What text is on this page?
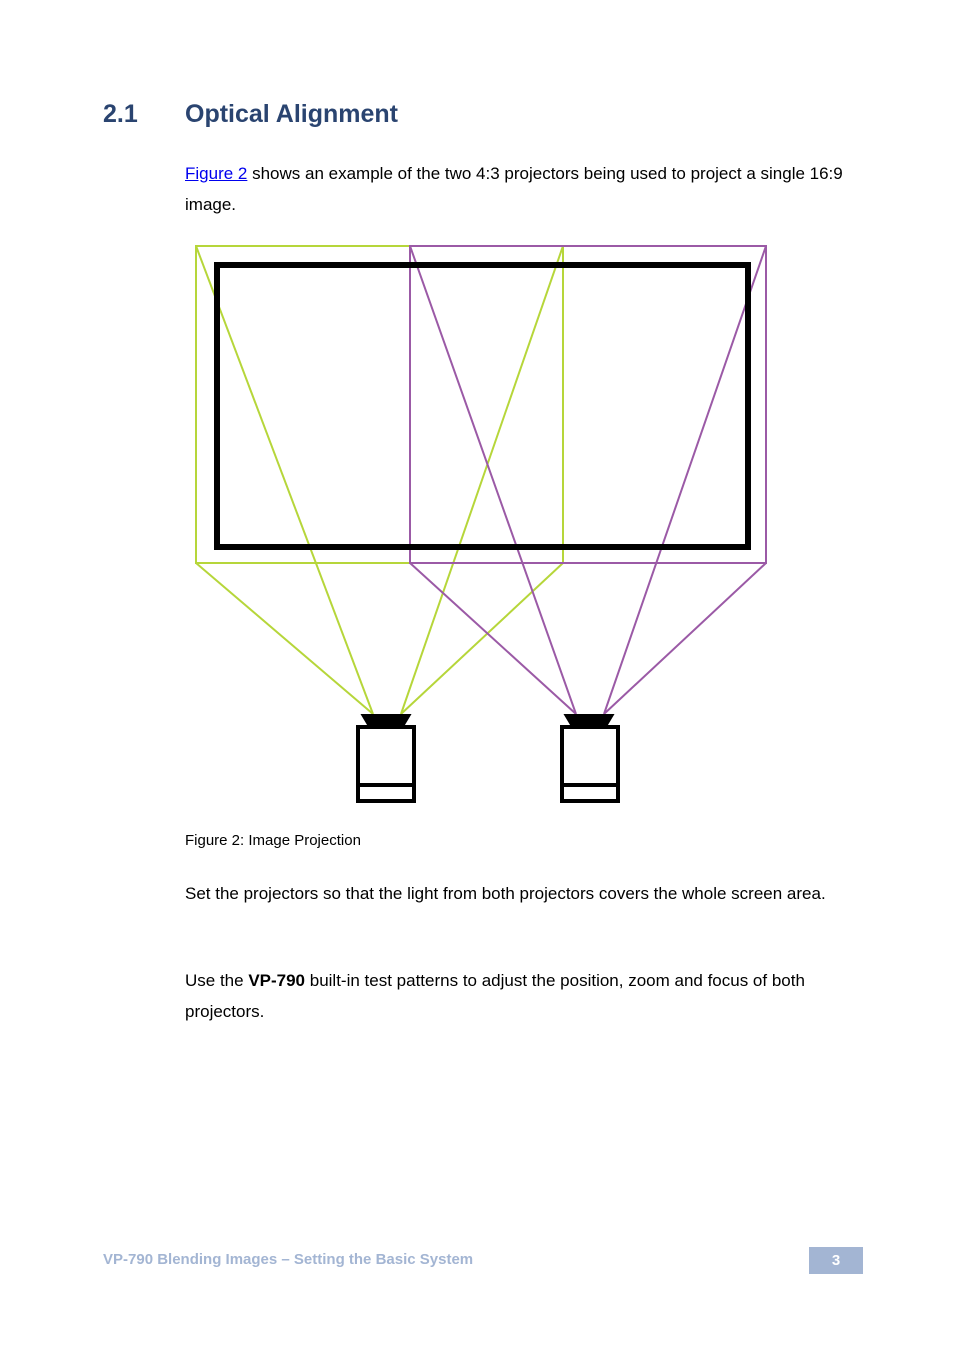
2.1	Optical Alignment
Figure 2 shows an example of the two 4:3 projectors being used to project a single 16:9 image.
Figure 2: Image Projection
Set the projectors so that the light from both projectors covers the whole screen area.
Use the VP-790 built-in test patterns to adjust the position, zoom and focus of both projectors.
VP-790 Blending Images – Setting the Basic System	3
